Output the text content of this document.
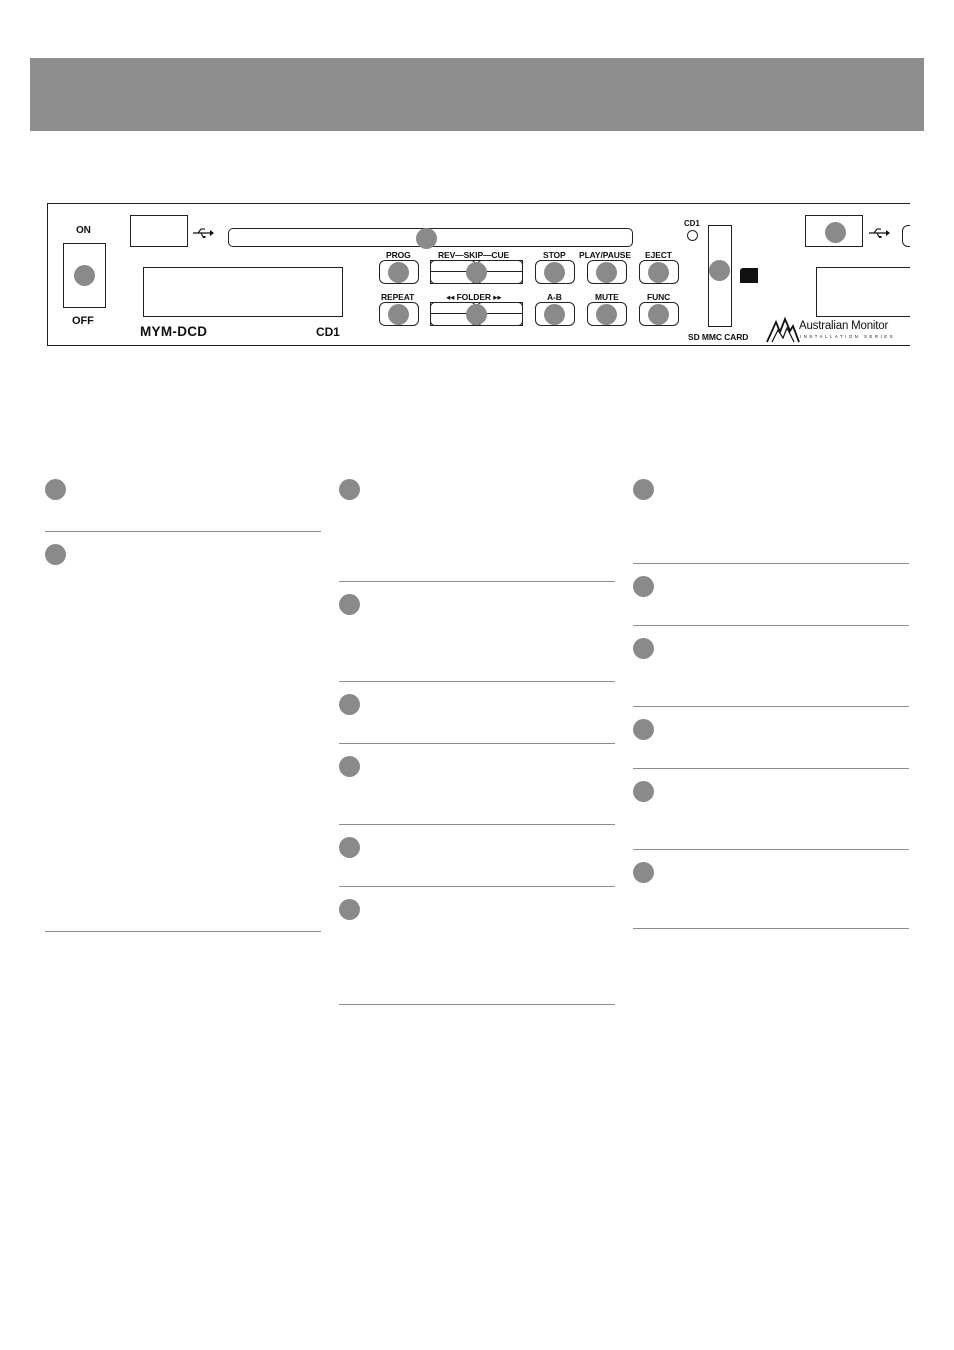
ON
OFF
MYM-DCD	CD1
PROG	REV—SKIP—CUE	STOP PLAY/PAUSE EJECT
REPEAT	◂◂ FOLDER ▸▸	A-B	MUTE	FUNC
CD1
SD MMC CARD
Australian Monitor
INSTALLATION SERIES
